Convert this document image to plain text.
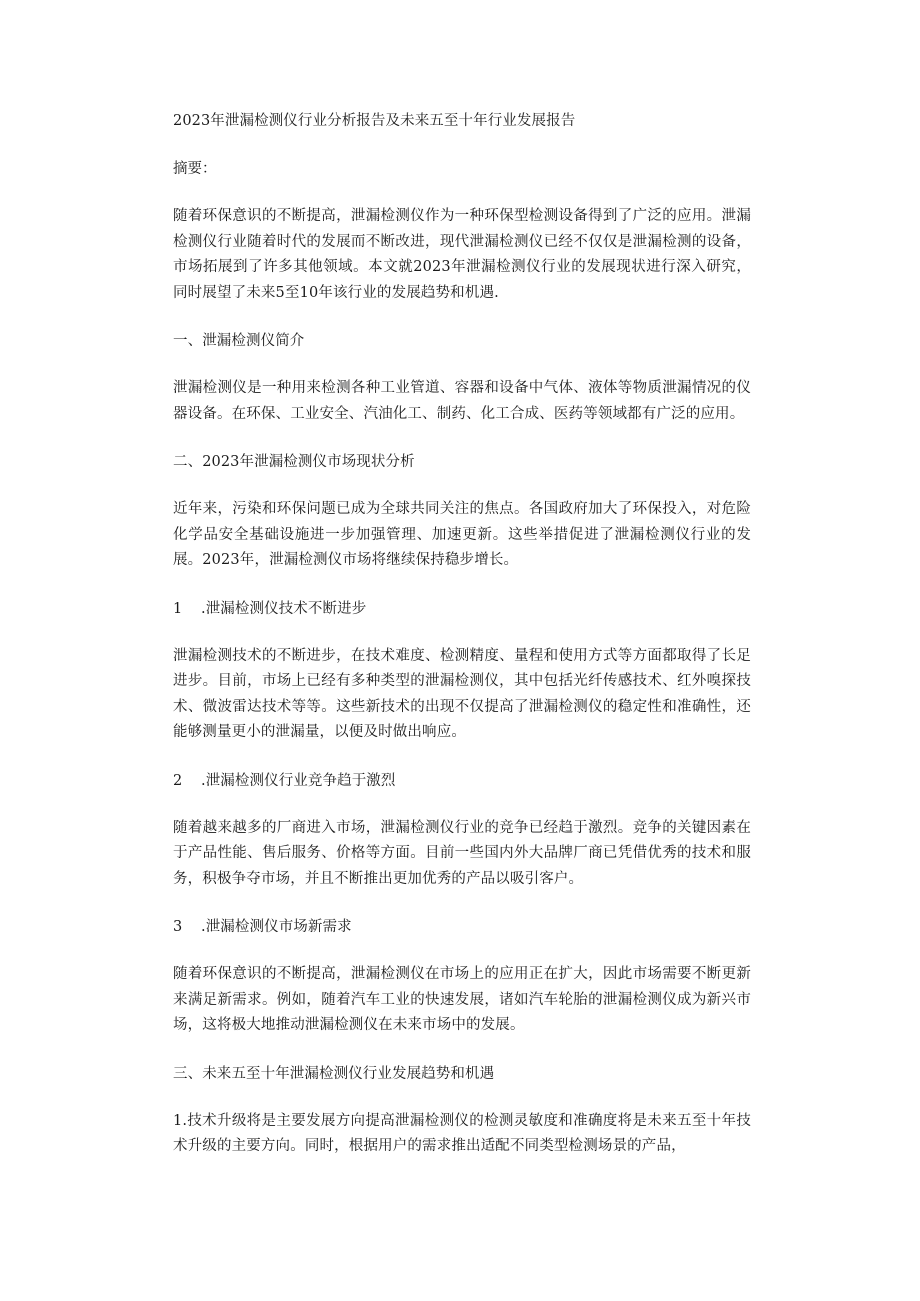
2023年泄漏检测仪行业分析报告及未来五至十年行业发展报告

摘要：

随着环保意识的不断提高，泄漏检测仪作为一种环保型检测设备得到了广泛的应用。泄漏检测仪行业随着时代的发展而不断改进，现代泄漏检测仪已经不仅仅是泄漏检测的设备，市场拓展到了许多其他领域。本文就2023年泄漏检测仪行业的发展现状进行深入研究，同时展望了未来5至10年该行业的发展趋势和机遇.

一、泄漏检测仪简介

泄漏检测仪是一种用来检测各种工业管道、容器和设备中气体、液体等物质泄漏情况的仪器设备。在环保、工业安全、汽油化工、制药、化工合成、医药等领域都有广泛的应用。

二、2023年泄漏检测仪市场现状分析

近年来，污染和环保问题已成为全球共同关注的焦点。各国政府加大了环保投入，对危险化学品安全基础设施进一步加强管理、加速更新。这些举措促进了泄漏检测仪行业的发展。2023年，泄漏检测仪市场将继续保持稳步增长。

1 .泄漏检测仪技术不断进步

泄漏检测技术的不断进步，在技术难度、检测精度、量程和使用方式等方面都取得了长足进步。目前，市场上已经有多种类型的泄漏检测仪，其中包括光纤传感技术、红外嗅探技术、微波雷达技术等等。这些新技术的出现不仅提高了泄漏检测仪的稳定性和准确性，还能够测量更小的泄漏量，以便及时做出响应。

2 .泄漏检测仪行业竞争趋于激烈

随着越来越多的厂商进入市场，泄漏检测仪行业的竞争已经趋于激烈。竞争的关键因素在于产品性能、售后服务、价格等方面。目前一些国内外大品牌厂商已凭借优秀的技术和服务，积极争夺市场，并且不断推出更加优秀的产品以吸引客户。

3 .泄漏检测仪市场新需求

随着环保意识的不断提高，泄漏检测仪在市场上的应用正在扩大，因此市场需要不断更新来满足新需求。例如，随着汽车工业的快速发展，诸如汽车轮胎的泄漏检测仪成为新兴市场，这将极大地推动泄漏检测仪在未来市场中的发展。

三、未来五至十年泄漏检测仪行业发展趋势和机遇

1.技术升级将是主要发展方向提高泄漏检测仪的检测灵敏度和准确度将是未来五至十年技术升级的主要方向。同时，根据用户的需求推出适配不同类型检测场景的产品，
